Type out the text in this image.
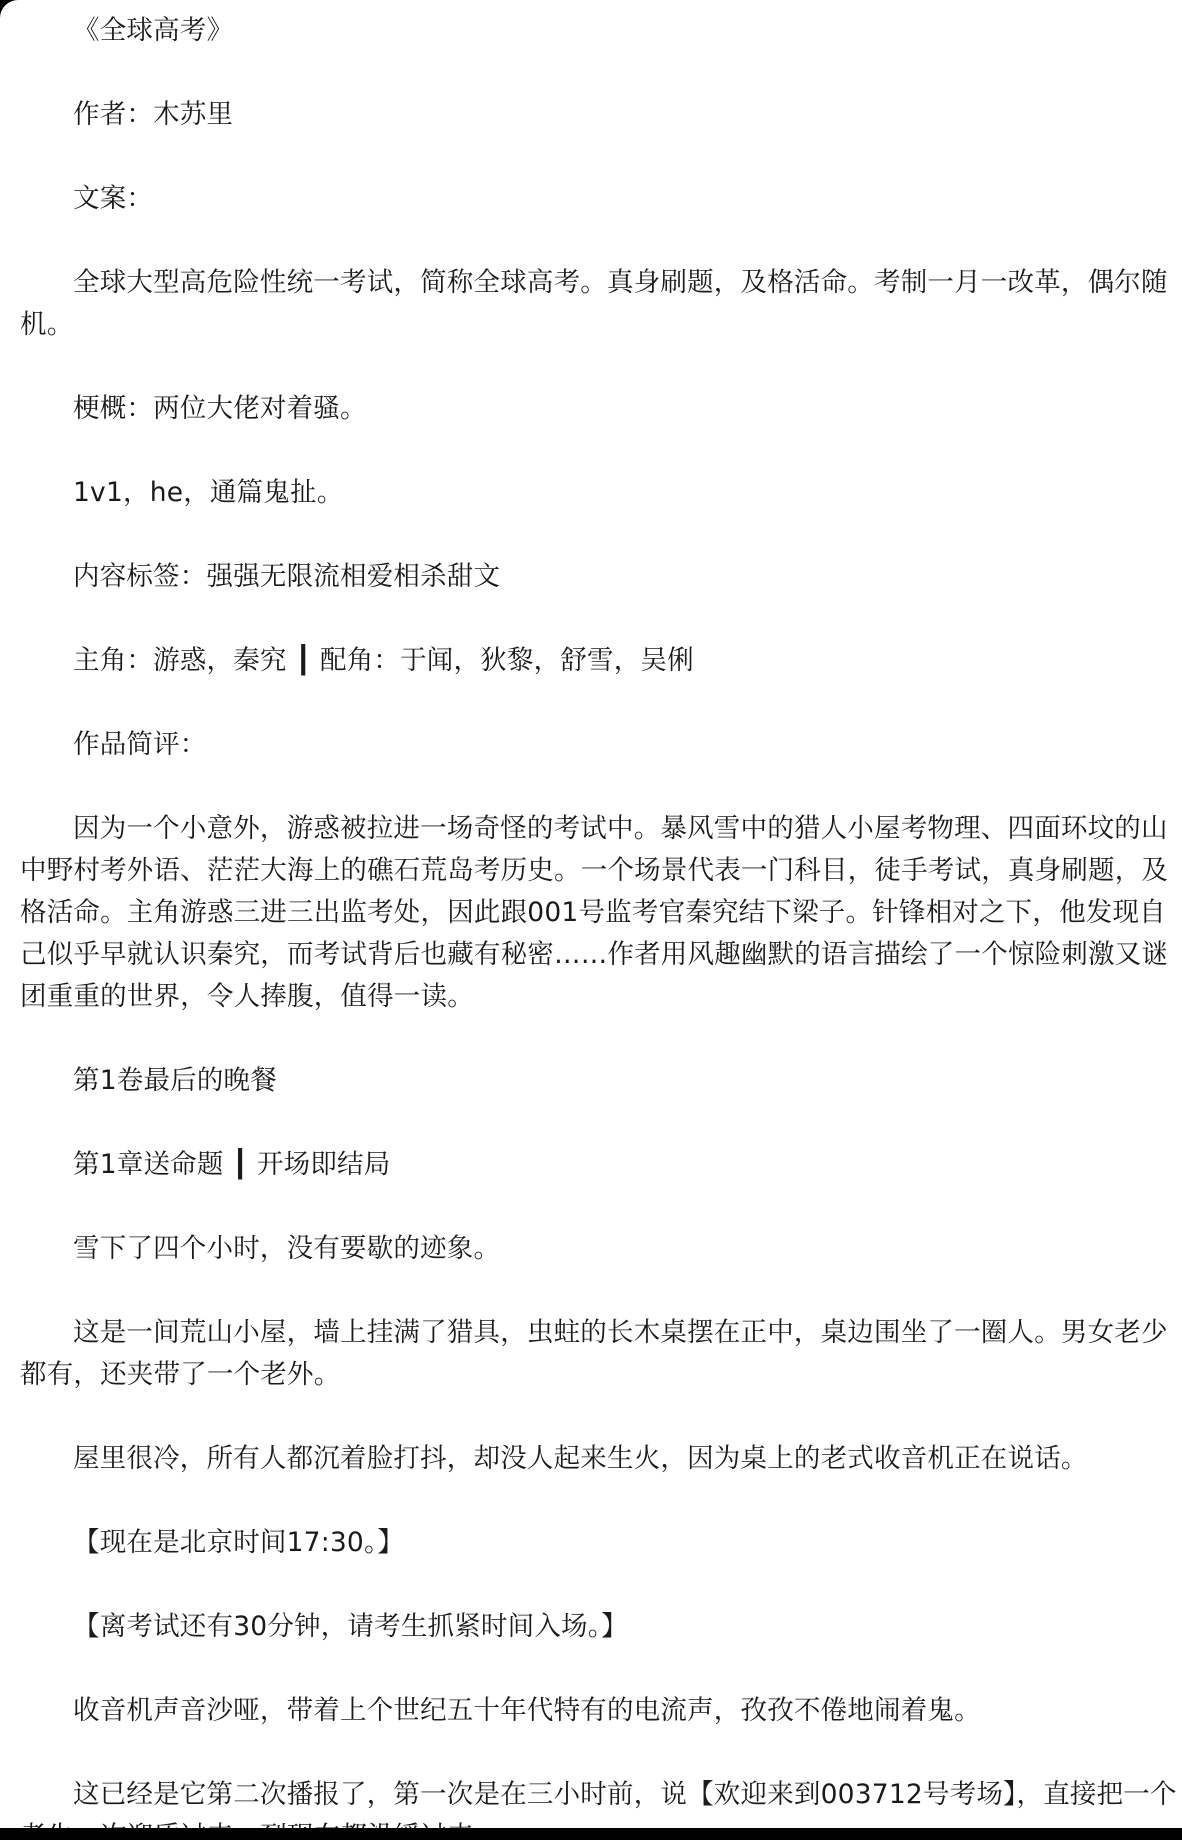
《全球高考》

作者：木苏里

文案：

全球大型高危险性统一考试，简称全球高考。真身刷题，及格活命。考制一月一改革，偶尔随机。

梗概：两位大佬对着骚。

1v1，he，通篇鬼扯。

内容标签：强强无限流相爱相杀甜文

主角：游惑，秦究 ┃ 配角：于闻，狄黎，舒雪，吴俐

作品简评：

因为一个小意外，游惑被拉进一场奇怪的考试中。暴风雪中的猎人小屋考物理、四面环坟的山中野村考外语、茫茫大海上的礁石荒岛考历史。一个场景代表一门科目，徒手考试，真身刷题，及格活命。主角游惑三进三出监考处，因此跟001号监考官秦究结下梁子。针锋相对之下，他发现自己似乎早就认识秦究，而考试背后也藏有秘密……作者用风趣幽默的语言描绘了一个惊险刺激又谜团重重的世界，令人捧腹，值得一读。

第1卷最后的晚餐

第1章送命题 ┃ 开场即结局

雪下了四个小时，没有要歇的迹象。

这是一间荒山小屋，墙上挂满了猎具，虫蛀的长木桌摆在正中，桌边围坐了一圈人。男女老少都有，还夹带了一个老外。

屋里很冷，所有人都沉着脸打抖，却没人起来生火，因为桌上的老式收音机正在说话。

【现在是北京时间17:30。】

【离考试还有30分钟，请考生抓紧时间入场。】

收音机声音沙哑，带着上个世纪五十年代特有的电流声，孜孜不倦地闹着鬼。

这已经是它第二次播报了，第一次是在三小时前，说【欢迎来到003712号考场】，直接把一个
